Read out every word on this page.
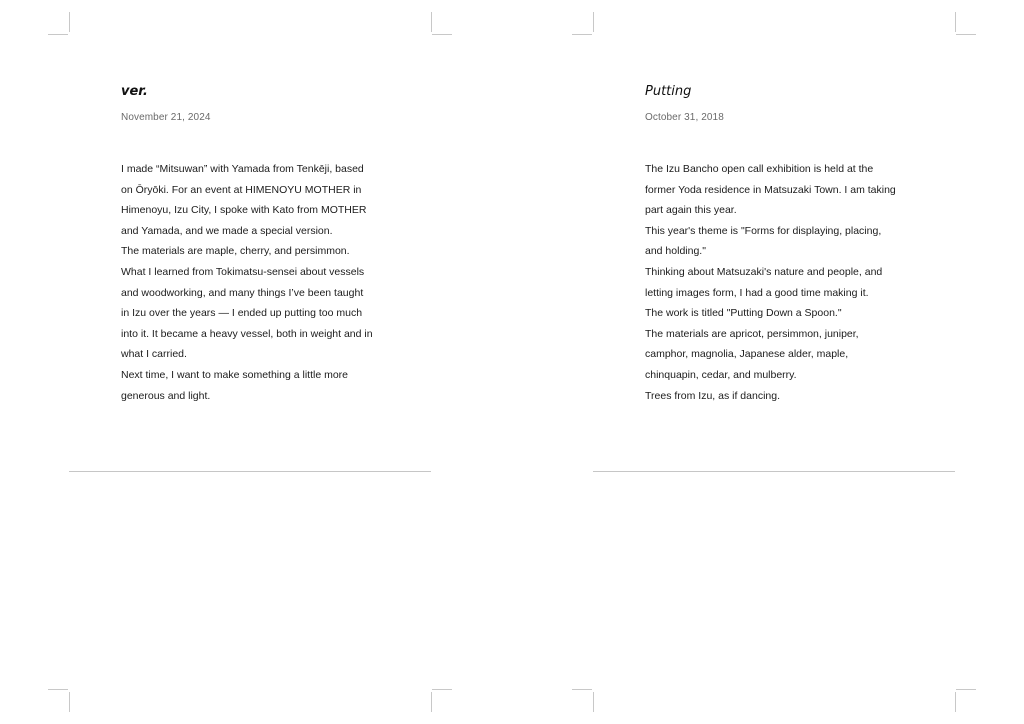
ver.
November 21, 2024
I made “Mitsuwan” with Yamada from Tenkēji, based
on Ōryōki. For an event at HIMENOYU MOTHER in
Himenoyu, Izu City, I spoke with Kato from MOTHER
and Yamada, and we made a special version.
The materials are maple, cherry, and persimmon.
What I learned from Tokimatsu-sensei about vessels
and woodworking, and many things I’ve been taught
in Izu over the years — I ended up putting too much
into it. It became a heavy vessel, both in weight and in
what I carried.
Next time, I want to make something a little more
generous and light.
Putting
October 31, 2018
The Izu Bancho open call exhibition is held at the
former Yoda residence in Matsuzaki Town. I am taking
part again this year.
This year's theme is "Forms for displaying, placing,
and holding."
Thinking about Matsuzaki's nature and people, and
letting images form, I had a good time making it.
The work is titled "Putting Down a Spoon."
The materials are apricot, persimmon, juniper,
camphor, magnolia, Japanese alder, maple,
chinquapin, cedar, and mulberry.
Trees from Izu, as if dancing.
